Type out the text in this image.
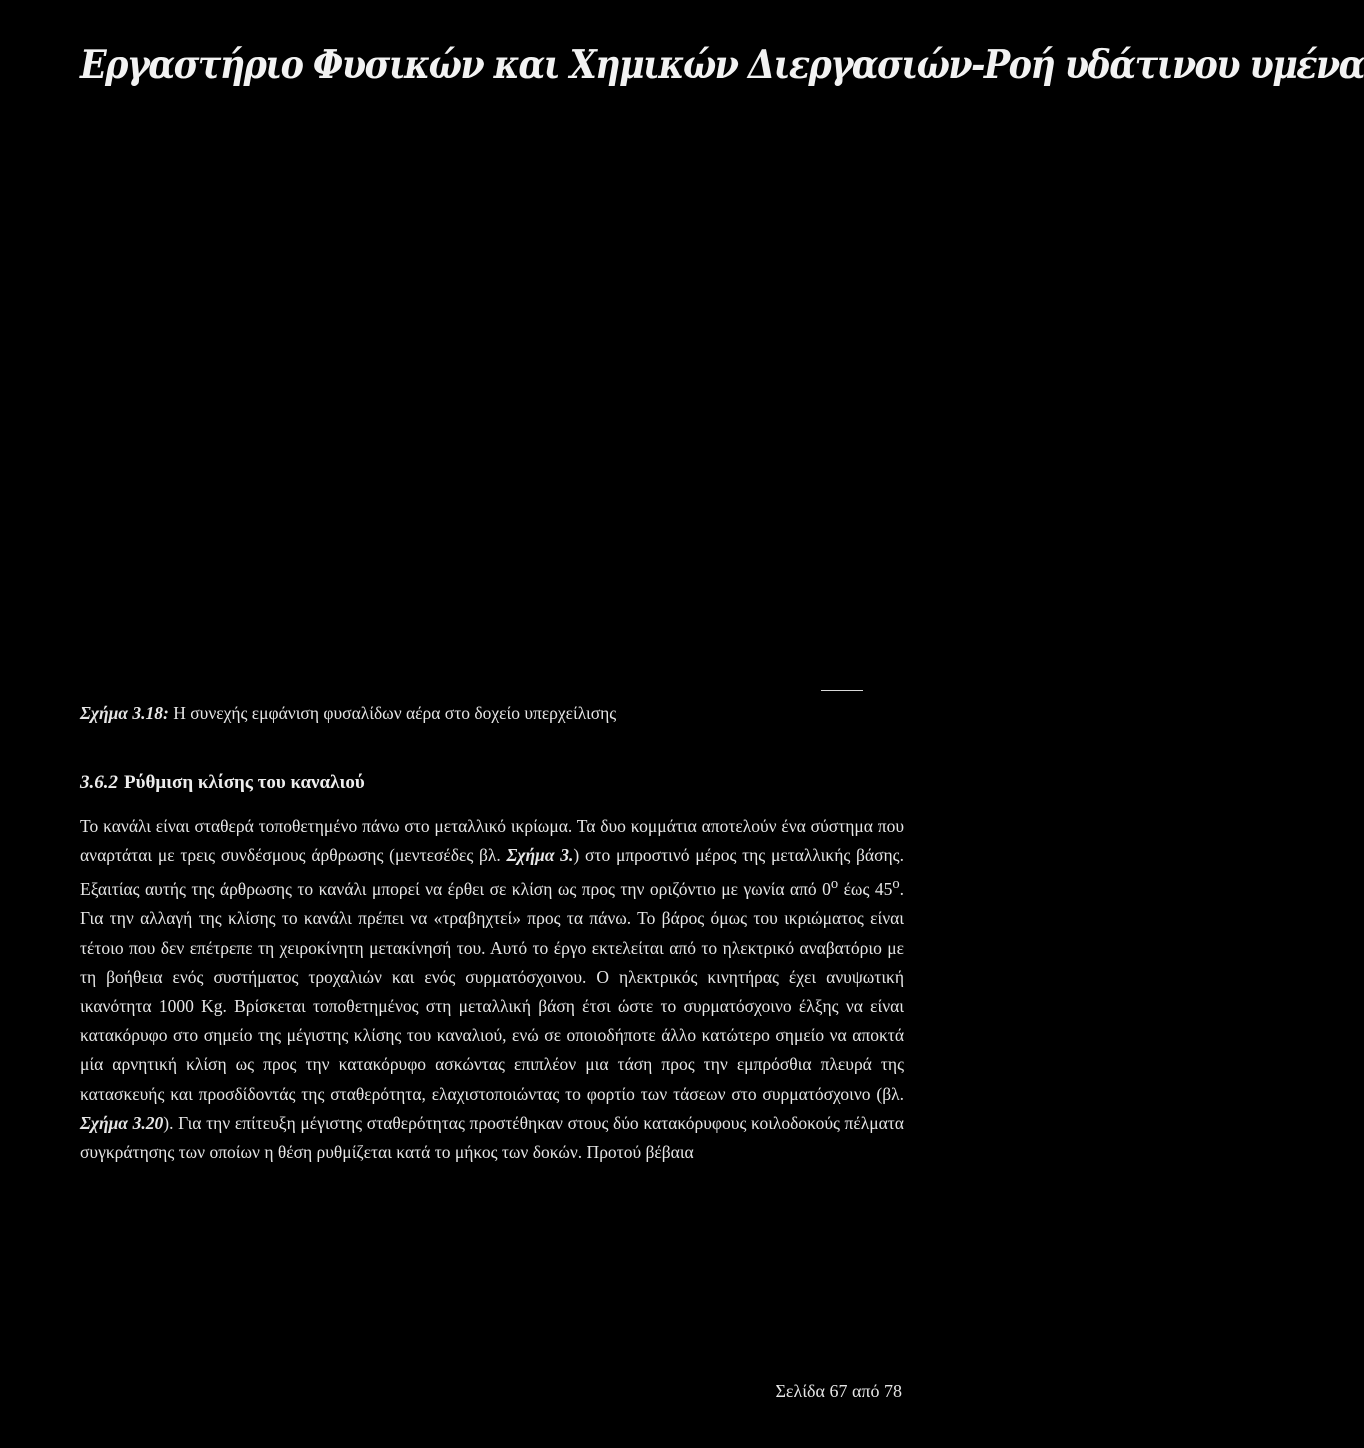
Εργαστήριο Φυσικών και Χημικών Διεργασιών-Ροή υδάτινου υμένα
Σχήμα 3.18: Η συνεχής εμφάνιση φυσαλίδων αέρα στο δοχείο υπερχείλισης
3.6.2 Ρύθμιση κλίσης του καναλιού

Το κανάλι είναι σταθερά τοποθετημένο πάνω στο μεταλλικό ικρίωμα. Τα δυο κομμάτια αποτελούν ένα σύστημα που αναρτάται με τρεις συνδέσμους άρθρωσης (μεντεσέδες βλ. Σχήμα 3.) στο μπροστινό μέρος της μεταλλικής βάσης. Εξαιτίας αυτής της άρθρωσης το κανάλι μπορεί να έρθει σε κλίση ως προς την οριζόντιο με γωνία από $0^o$ έως $45^o$. Για την αλλαγή της κλίσης το κανάλι πρέπει να «τραβηχτεί» προς τα πάνω. Το βάρος όμως του ικριώματος είναι τέτοιο που δεν επέτρεπε τη χειροκίνητη μετακίνησή του. Αυτό το έργο εκτελείται από το ηλεκτρικό αναβατόριο με τη βοήθεια ενός συστήματος τροχαλιών και ενός συρματόσχοινου. Ο ηλεκτρικός κινητήρας έχει ανυψωτική ικανότητα 1000 Kg. Βρίσκεται τοποθετημένος στη μεταλλική βάση έτσι ώστε το συρματόσχοινο έλξης να είναι κατακόρυφο στο σημείο της μέγιστης κλίσης του καναλιού, ενώ σε οποιοδήποτε άλλο κατώτερο σημείο να αποκτά μία αρνητική κλίση ως προς την κατακόρυφο ασκώντας επιπλέον μια τάση προς την εμπρόσθια πλευρά της κατασκευής και προσδίδοντάς της σταθερότητα, ελαχιστοποιώντας το φορτίο των τάσεων στο συρματόσχοινο (βλ. Σχήμα 3.20). Για την επίτευξη μέγιστης σταθερότητας προστέθηκαν στους δύο κατακόρυφους κοιλοδοκούς πέλματα συγκράτησης των οποίων η θέση ρυθμίζεται κατά το μήκος των δοκών. Προτού βέβαια

Σελίδα 67 από 78
